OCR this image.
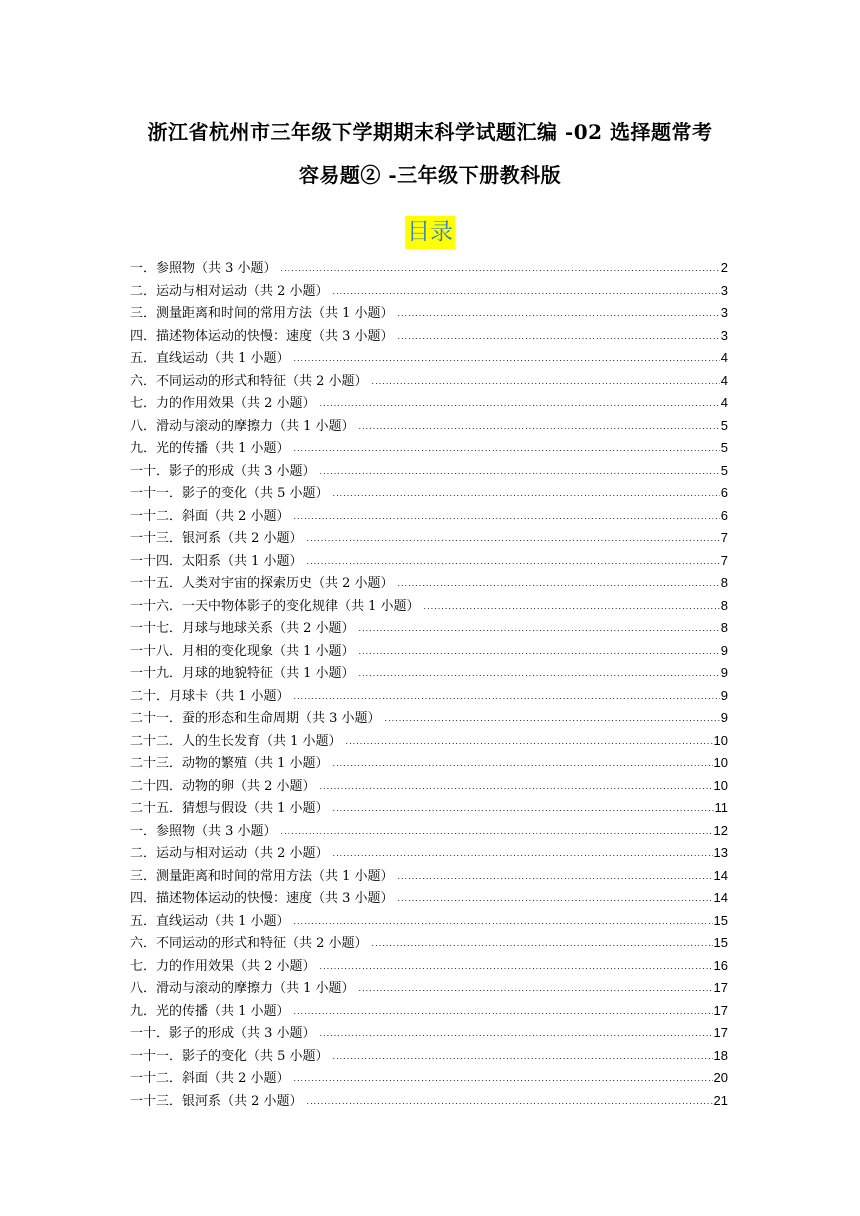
浙江省杭州市三年级下学期期末科学试题汇编 -02 选择题常考
容易题② -三年级下册教科版
目录
一．参照物（共 3 小题） .....	2
二．运动与相对运动（共 2 小题） .....	3
三．测量距离和时间的常用方法（共 1 小题） .....	3
四．描述物体运动的快慢：速度（共 3 小题） .....	3
五．直线运动（共 1 小题） .....	4
六．不同运动的形式和特征（共 2 小题） .....	4
七．力的作用效果（共 2 小题） .....	4
八．滑动与滚动的摩擦力（共 1 小题） .....	5
九．光的传播（共 1 小题） .....	5
一十．影子的形成（共 3 小题） .....	5
一十一．影子的变化（共 5 小题） .....	6
一十二．斜面（共 2 小题） .....	6
一十三．银河系（共 2 小题） .....	7
一十四．太阳系（共 1 小题） .....	7
一十五．人类对宇宙的探索历史（共 2 小题） .....	8
一十六．一天中物体影子的变化规律（共 1 小题） .....	8
一十七．月球与地球关系（共 2 小题） .....	8
一十八．月相的变化现象（共 1 小题） .....	9
一十九．月球的地貌特征（共 1 小题） .....	9
二十．月球卡（共 1 小题） .....	9
二十一．蚕的形态和生命周期（共 3 小题） .....	9
二十二．人的生长发育（共 1 小题） .....	10
二十三．动物的繁殖（共 1 小题） .....	10
二十四．动物的卵（共 2 小题） .....	10
二十五．猜想与假设（共 1 小题） .....	11
一．参照物（共 3 小题） .....	12
二．运动与相对运动（共 2 小题） .....	13
三．测量距离和时间的常用方法（共 1 小题） .....	14
四．描述物体运动的快慢：速度（共 3 小题） .....	14
五．直线运动（共 1 小题） .....	15
六．不同运动的形式和特征（共 2 小题） .....	15
七．力的作用效果（共 2 小题） .....	16
八．滑动与滚动的摩擦力（共 1 小题） .....	17
九．光的传播（共 1 小题） .....	17
一十．影子的形成（共 3 小题） .....	17
一十一．影子的变化（共 5 小题） .....	18
一十二．斜面（共 2 小题） .....	20
一十三．银河系（共 2 小题） .....	21
